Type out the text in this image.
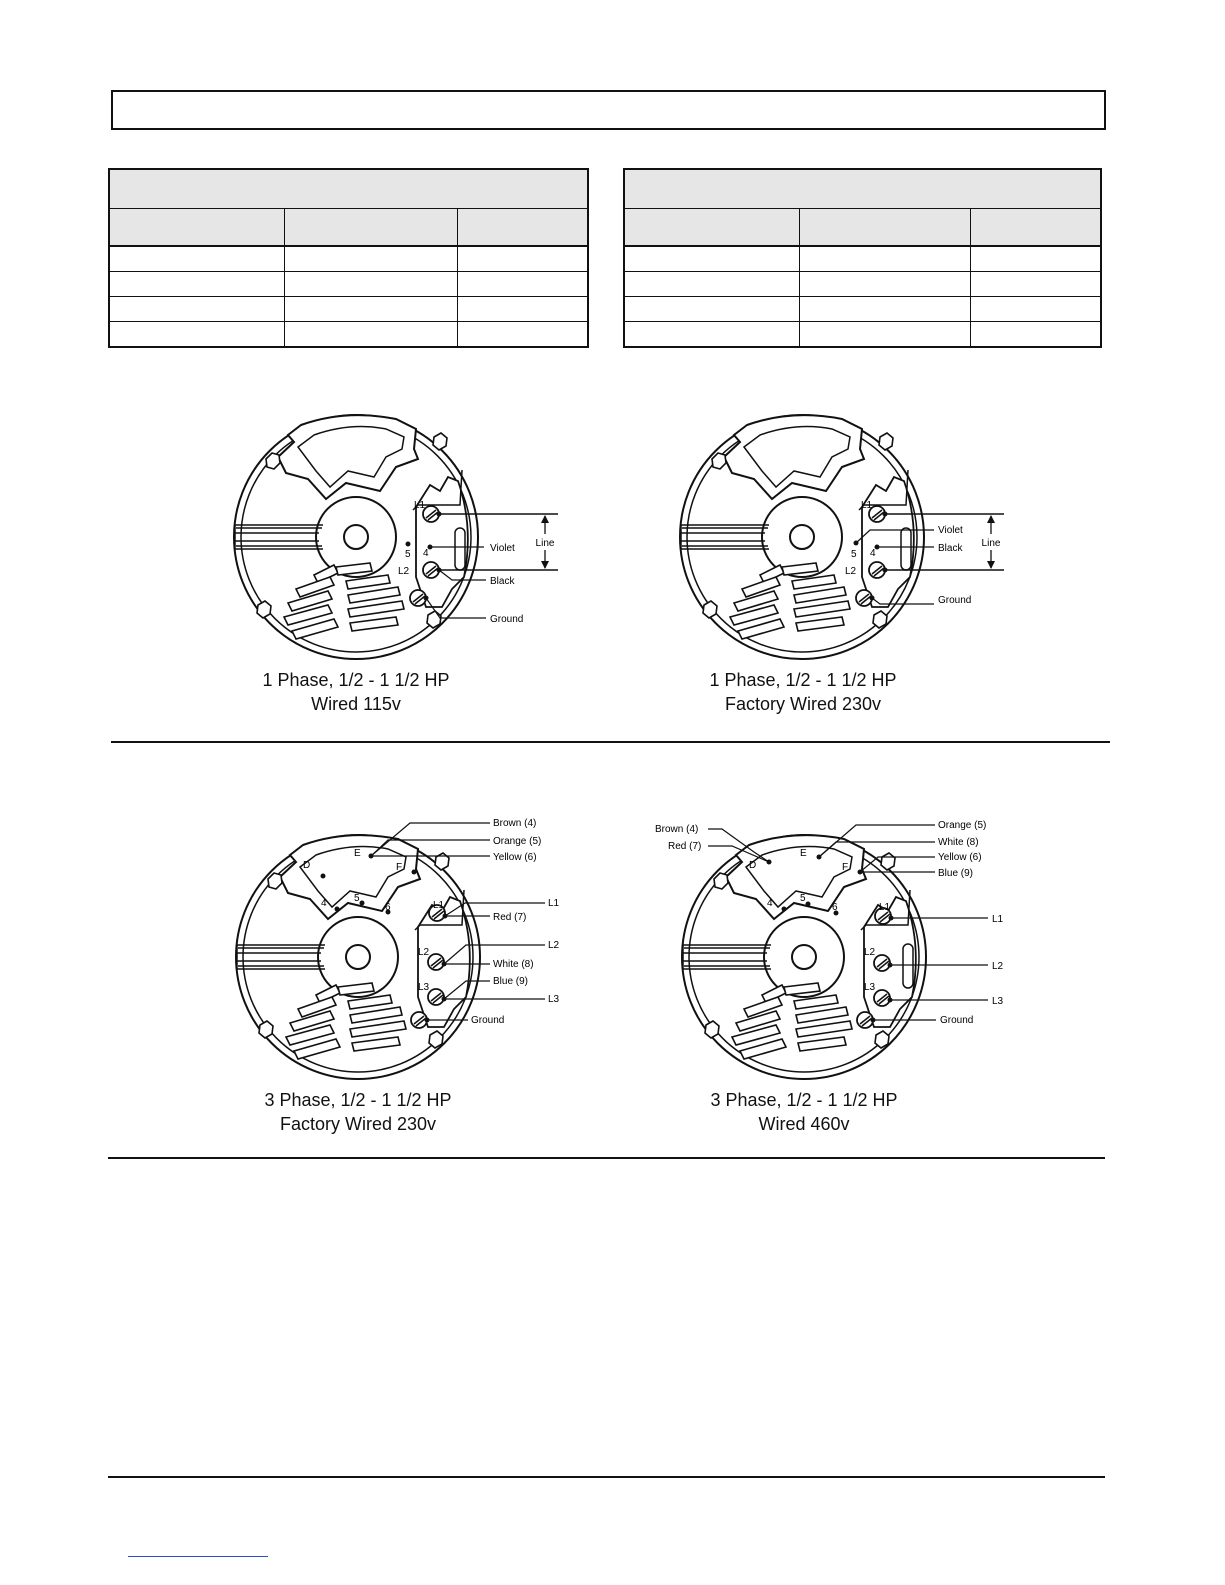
Line
L1
L2
5 4	Violet
Black
Ground
Line
L1
L2
5 4
Violet
Black
Ground
D
E
F
4	5
6	L1
L2
L3
Brown (4)
Orange (5)
Yellow (6)
Red (7)
White (8)
Blue (9)
L1
L2
L3
Ground
D
E
F
4	5
6	L1
L2
L3
Brown (4)
Red (7)
Orange (5)
White (8)
Yellow (6)
Blue (9)
L1
L2
L3
Ground
1 Phase, 1/2 - 1 1/2 HP
Wired 115v
1 Phase, 1/2 - 1 1/2 HP
Factory Wired 230v
3 Phase, 1/2 - 1 1/2 HP
Factory Wired 230v
3 Phase, 1/2 - 1 1/2 HP
Wired 460v
